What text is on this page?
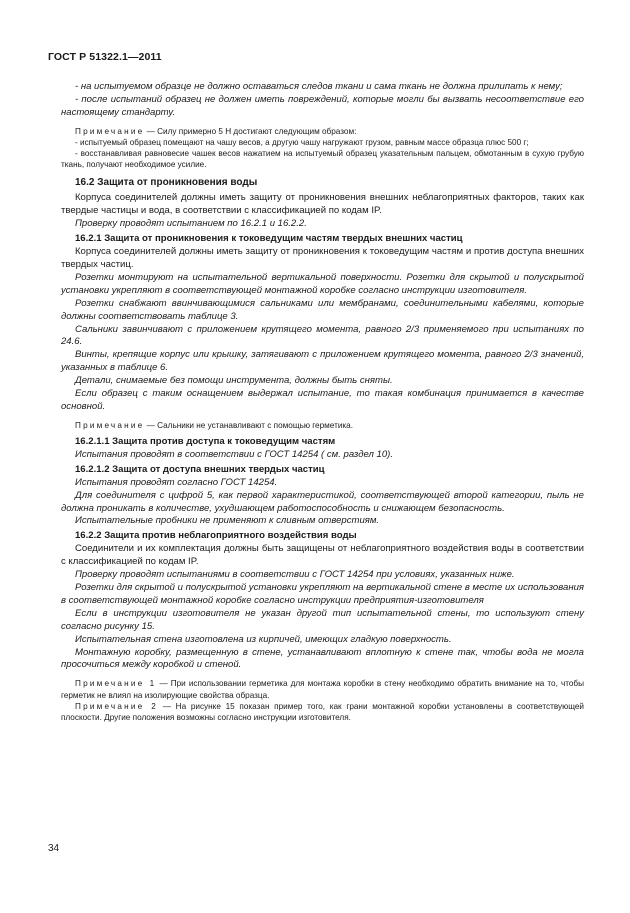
ГОСТ Р 51322.1—2011

- на испытуемом образце не должно оставаться следов ткани и сама ткань не должна прилипать к нему;

- после испытаний образец не должен иметь повреждений, которые могли бы вызвать несоответствие его настоящему стандарту.

Примечание — Силу примерно 5 Н достигают следующим образом:

- испытуемый образец помещают на чашу весов, а другую чашу нагружают грузом, равным массе образца плюс 500 г;

- восстанавливая равновесие чашек весов нажатием на испытуемый образец указательным пальцем, обмотанным в сухую грубую ткань, получают необходимое усилие.

16.2 Защита от проникновения воды

Корпуса соединителей должны иметь защиту от проникновения внешних неблагоприятных факторов, таких как твердые частицы и вода, в соответствии с классификацией по кодам IP.

Проверку проводят испытанием по 16.2.1 и 16.2.2.

16.2.1 Защита от проникновения к токоведущим частям твердых внешних частиц

Корпуса соединителей должны иметь защиту от проникновения к токоведущим частям и против доступа внешних твердых частиц.

Розетки монтируют на испытательной вертикальной поверхности. Розетки для скрытой и полускрытой установки укрепляют в соответствующей монтажной коробке согласно инструкции изготовителя.

Розетки снабжают ввинчивающимися сальниками или мембранами, соединительными кабелями, которые должны соответствовать таблице 3.

Сальники завинчивают с приложением крутящего момента, равного 2/3 применяемого при испытаниях по 24.6.

Винты, крепящие корпус или крышку, затягивают с приложением крутящего момента, равного 2/3 значений, указанных в таблице 6.

Детали, снимаемые без помощи инструмента, должны быть сняты.

Если образец с таким оснащением выдержал испытание, то такая комбинация принимается в качестве основной.

Примечание — Сальники не устанавливают с помощью герметика.

16.2.1.1 Защита против доступа к токоведущим частям

Испытания проводят в соответствии с ГОСТ 14254 ( см. раздел 10).

16.2.1.2 Защита от доступа внешних твердых частиц

Испытания проводят согласно ГОСТ 14254.

Для соединителя с цифрой 5, как первой характеристикой, соответствующей второй категории, пыль не должна проникать в количестве, ухудшающем работоспособность и снижающем безопасность.

Испытательные пробники не применяют к сливным отверстиям.

16.2.2 Защита против неблагоприятного воздействия воды

Соединители и их комплектация должны быть защищены от неблагоприятного воздействия воды в соответствии с классификацией по кодам IP.

Проверку проводят испытаниями в соответствии с ГОСТ 14254 при условиях, указанных ниже.

Розетки для скрытой и полускрытой установки укрепляют на вертикальной стене в месте их использования в соответствующей монтажной коробке согласно инструкции предприятия-изготовителя

Если в инструкции изготовителя не указан другой тип испытательной стены, то используют стену согласно рисунку 15.

Испытательная стена изготовлена из кирпичей, имеющих гладкую поверхность.

Монтажную коробку, размещенную в стене, устанавливают вплотную к стене так, чтобы вода не могла просочиться между коробкой и стеной.

Примечание 1 — При использовании герметика для монтажа коробки в стену необходимо обратить внимание на то, чтобы герметик не влиял на изолирующие свойства образца.

Примечание 2 — На рисунке 15 показан пример того, как грани монтажной коробки установлены в соответствующей плоскости. Другие положения возможны согласно инструкции изготовителя.

34
